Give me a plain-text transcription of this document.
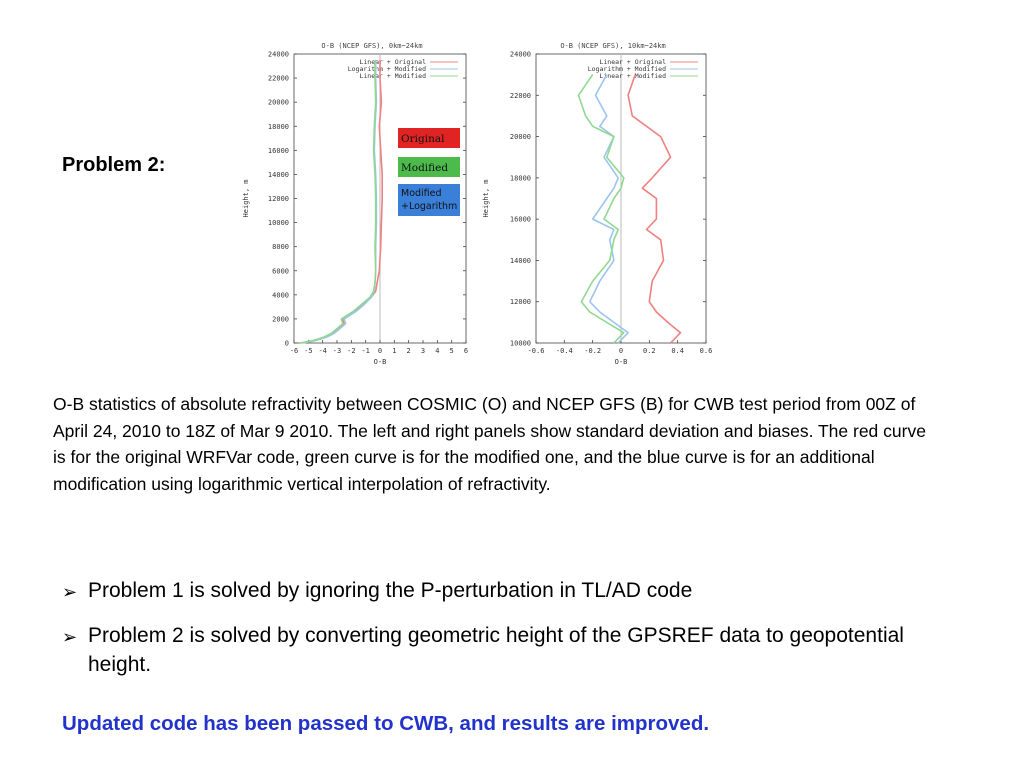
O-B (NCEP GFS), 0km~24km
0
2000
4000
6000
8000
10000
12000
14000
16000
18000
20000
22000
24000
-6 -5 -4 -3 -2 -1 0 1 2 3 4 5 6
O-B
Height, m
Linear + Original
Logarithm + Modified
Linear + Modified
Original
Modified
Modified
+Logarithm
O-B (NCEP GFS), 10km~24km
10000
12000
14000
16000
18000
20000
22000
24000
-0.6 -0.4 -0.2	0	0.2 0.4 0.6
O-B
Height, m
Linear + Original
Logarithm + Modified
Linear + Modified
Problem 2:
O-B statistics of absolute refractivity between COSMIC (O) and NCEP GFS (B) for CWB test period from 00Z of April 24, 2010 to 18Z of Mar 9 2010. The left and right panels show standard deviation and biases. The red curve is for the original WRFVar code, green curve is for the modified one, and the blue curve is for an additional modification using logarithmic vertical interpolation of refractivity.
➢ Problem 1 is solved by ignoring the P-perturbation in TL/AD code
➢ Problem 2 is solved by converting geometric height of the GPSREF data to geopotential height.
Updated code has been passed to CWB, and results are improved.
